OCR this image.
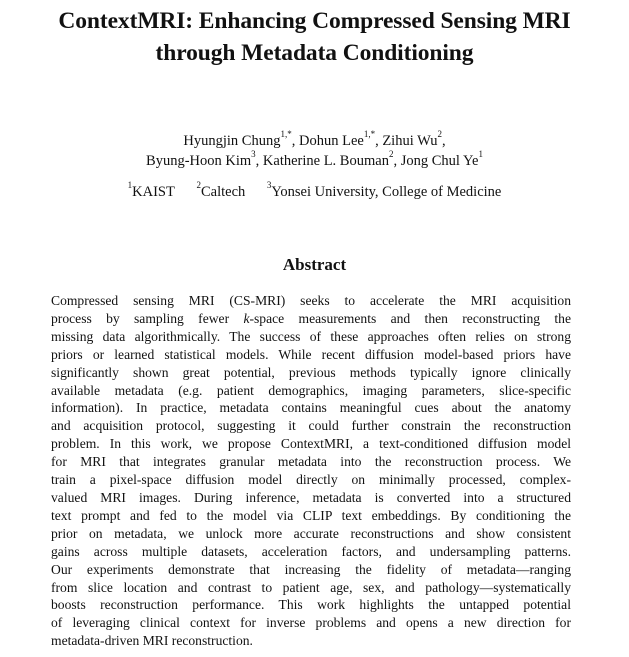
ContextMRI: Enhancing Compressed Sensing MRI
through Metadata Conditioning
Hyungjin Chung$^{1,*}$, Dohun Lee$^{1,*}$, Zihui Wu$^2$,
Byung-Hoon Kim$^3$, Katherine L. Bouman$^2$, Jong Chul Ye$^1$
$^1$KAIST $^2$Caltech $^3$Yonsei University, College of Medicine
Abstract
Compressed sensing MRI (CS-MRI) seeks to accelerate the MRI acquisition
process by sampling fewer k-space measurements and then reconstructing the
missing data algorithmically. The success of these approaches often relies on strong
priors or learned statistical models. While recent diffusion model-based priors have
significantly shown great potential, previous methods typically ignore clinically
available metadata (e.g. patient demographics, imaging parameters, slice-specific
information). In practice, metadata contains meaningful cues about the anatomy
and acquisition protocol, suggesting it could further constrain the reconstruction
problem. In this work, we propose ContextMRI, a text-conditioned diffusion model
for MRI that integrates granular metadata into the reconstruction process. We
train a pixel-space diffusion model directly on minimally processed, complex-
valued MRI images. During inference, metadata is converted into a structured
text prompt and fed to the model via CLIP text embeddings. By conditioning the
prior on metadata, we unlock more accurate reconstructions and show consistent
gains across multiple datasets, acceleration factors, and undersampling patterns.
Our experiments demonstrate that increasing the fidelity of metadata—ranging
from slice location and contrast to patient age, sex, and pathology—systematically
boosts reconstruction performance. This work highlights the untapped potential
of leveraging clinical context for inverse problems and opens a new direction for
metadata-driven MRI reconstruction.
